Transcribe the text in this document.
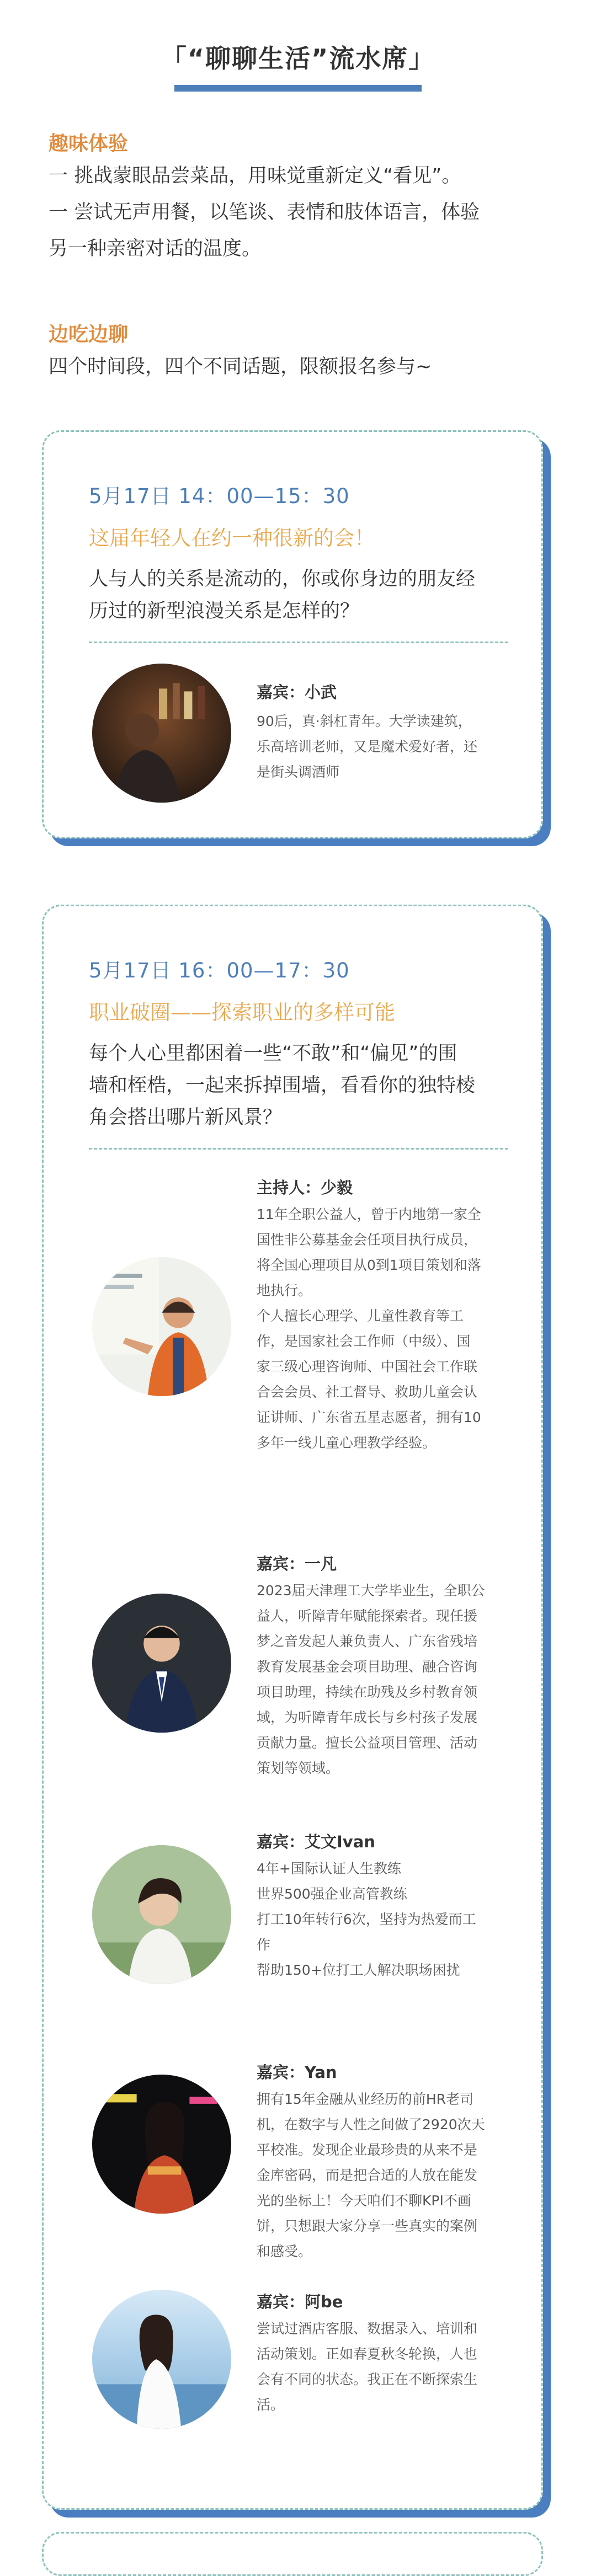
「“聊聊生活”流水席」
趣味体验
一 挑战蒙眼品尝菜品，用味觉重新定义“看见”。
一 尝试无声用餐，以笔谈、表情和肢体语言，体验
另一种亲密对话的温度。
边吃边聊
四个时间段，四个不同话题，限额报名参与~
5月17日 14：00—15：30
这届年轻人在约一种很新的会！
人与人的关系是流动的，你或你身边的朋友经
历过的新型浪漫关系是怎样的？
嘉宾：小武
90后，真·斜杠青年。大学读建筑，
乐高培训老师，又是魔术爱好者，还
是街头调酒师
5月17日 16：00—17：30
职业破圈——探索职业的多样可能
每个人心里都困着一些“不敢”和“偏见”的围
墙和桎梏，一起来拆掉围墙，看看你的独特棱
角会搭出哪片新风景？
主持人：少毅
11年全职公益人，曾于内地第一家全
国性非公募基金会任项目执行成员，
将全国心理项目从0到1项目策划和落
地执行。
个人擅长心理学、儿童性教育等工
作，是国家社会工作师（中级）、国
家三级心理咨询师、中国社会工作联
合会会员、社工督导、救助儿童会认
证讲师、广东省五星志愿者，拥有10
多年一线儿童心理教学经验。
嘉宾：一凡
2023届天津理工大学毕业生，全职公
益人，听障青年赋能探索者。现任援
梦之音发起人兼负责人、广东省残培
教育发展基金会项目助理、融合咨询
项目助理，持续在助残及乡村教育领
域，为听障青年成长与乡村孩子发展
贡献力量。擅长公益项目管理、活动
策划等领域。
嘉宾：艾文Ivan
4年+国际认证人生教练
世界500强企业高管教练
打工10年转行6次，坚持为热爱而工
作
帮助150+位打工人解决职场困扰
嘉宾：Yan
拥有15年金融从业经历的前HR老司
机，在数字与人性之间做了2920次天
平校准。发现企业最珍贵的从来不是
金库密码，而是把合适的人放在能发
光的坐标上！今天咱们不聊KPI不画
饼，只想跟大家分享一些真实的案例
和感受。
嘉宾：阿be
尝试过酒店客服、数据录入、培训和
活动策划。正如春夏秋冬轮换，人也
会有不同的状态。我正在不断探索生
活。
